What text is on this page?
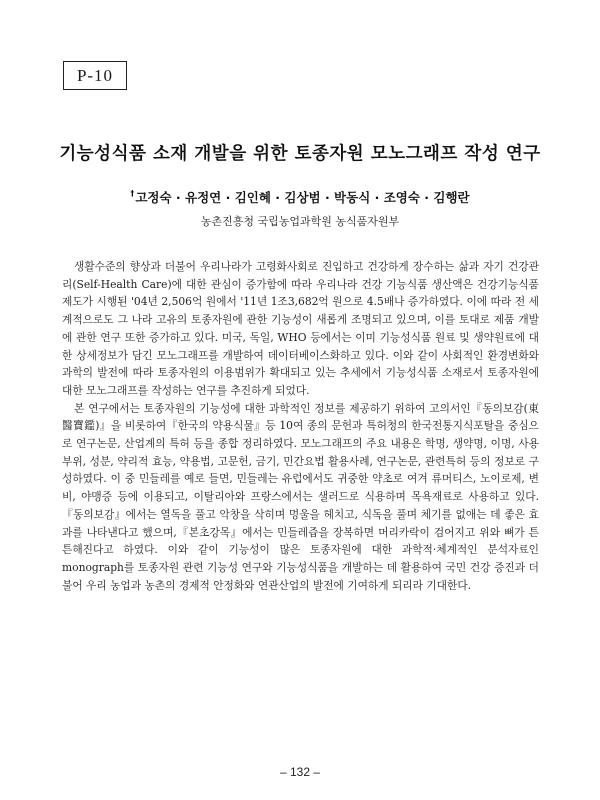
P-10
기능성식품 소재 개발을 위한 토종자원 모노그래프 작성 연구
†고정숙 · 유정연 · 김인혜 · 김상범 · 박동식 · 조영숙 · 김행란
농촌진흥청 국립농업과학원 농식품자원부

생활수준의 향상과 더불어 우리나라가 고령화사회로 진입하고 건강하게 장수하는 삶과 자기 건강관리(Self-Health Care)에 대한 관심이 증가함에 따라 우리나라 건강 기능식품 생산액은 건강기능식품 제도가 시행된 '04년 2,506억 원에서 '11년 1조3,682억 원으로 4.5배나 증가하였다. 이에 따라 전 세계적으로도 그 나라 고유의 토종자원에 관한 기능성이 새롭게 조명되고 있으며, 이를 토대로 제품 개발에 관한 연구 또한 증가하고 있다. 미국, 독일, WHO 등에서는 이미 기능성식품 원료 및 생약원료에 대한 상세정보가 담긴 모노그래프를 개발하여 데이터베이스화하고 있다. 이와 같이 사회적인 환경변화와 과학의 발전에 따라 토종자원의 이용범위가 확대되고 있는 추세에서 기능성식품 소재로서 토종자원에 대한 모노그래프를 작성하는 연구를 추진하게 되었다.

본 연구에서는 토종자원의 기능성에 대한 과학적인 정보를 제공하기 위하여 고의서인『동의보감(東醫寶鑑)』을 비롯하여『한국의 약용식물』등 10여 종의 문헌과 특허청의 한국전통지식포탈을 중심으로 연구논문, 산업계의 특허 등을 종합 정리하였다. 모노그래프의 주요 내용은 학명, 생약명, 이명, 사용부위, 성분, 약리적 효능, 약용법, 고문헌, 금기, 민간요법 활용사례, 연구논문, 관련특허 등의 정보로 구성하였다. 이 중 민들레를 예로 들면, 민들레는 유럽에서도 귀중한 약초로 여겨 류머티스, 노이로제, 변비, 야맹증 등에 이용되고, 이탈리아와 프랑스에서는 샐러드로 식용하며 목욕재료로 사용하고 있다.『동의보감』에서는 열독을 풀고 악창을 삭히며 멍울을 헤치고, 식독을 풀며 체기를 없애는 데 좋은 효과를 나타낸다고 했으며,『본초강목』에서는 민들레즙을 장복하면 머리카락이 검어지고 위와 뼈가 튼튼해진다고 하였다. 이와 같이 기능성이 많은 토종자원에 대한 과학적·체계적인 분석자료인 monograph를 토종자원 관련 기능성 연구와 기능성식품을 개발하는 데 활용하여 국민 건강 증진과 더불어 우리 농업과 농촌의 경제적 안정화와 연관산업의 발전에 기여하게 되리라 기대한다.

– 132 –
